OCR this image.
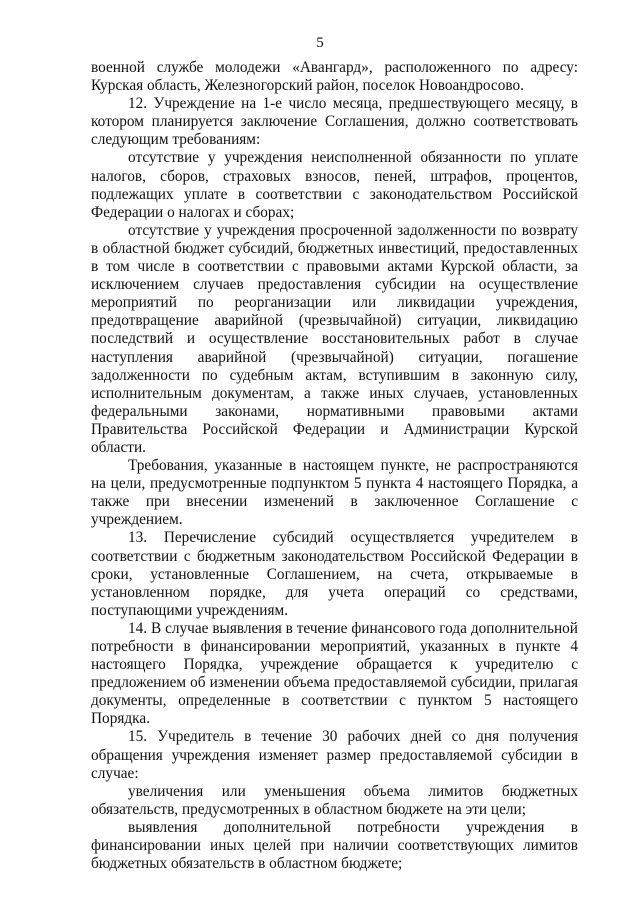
5

военной службе молодежи «Авангард», расположенного по адресу: Курская область, Железногорский район, поселок Новоандросово.

12. Учреждение на 1-е число месяца, предшествующего месяцу, в котором планируется заключение Соглашения, должно соответствовать следующим требованиям:

отсутствие у учреждения неисполненной обязанности по уплате налогов, сборов, страховых взносов, пеней, штрафов, процентов, подлежащих уплате в соответствии с законодательством Российской Федерации о налогах и сборах;

отсутствие у учреждения просроченной задолженности по возврату в областной бюджет субсидий, бюджетных инвестиций, предоставленных в том числе в соответствии с правовыми актами Курской области, за исключением случаев предоставления субсидии на осуществление мероприятий по реорганизации или ликвидации учреждения, предотвращение аварийной (чрезвычайной) ситуации, ликвидацию последствий и осуществление восстановительных работ в случае наступления аварийной (чрезвычайной) ситуации, погашение задолженности по судебным актам, вступившим в законную силу, исполнительным документам, а также иных случаев, установленных федеральными законами, нормативными правовыми актами Правительства Российской Федерации и Администрации Курской области.

Требования, указанные в настоящем пункте, не распространяются на цели, предусмотренные подпунктом 5 пункта 4 настоящего Порядка, а также при внесении изменений в заключенное Соглашение с учреждением.

13. Перечисление субсидий осуществляется учредителем в соответствии с бюджетным законодательством Российской Федерации в сроки, установленные Соглашением, на счета, открываемые в установленном порядке, для учета операций со средствами, поступающими учреждениям.

14. В случае выявления в течение финансового года дополнительной потребности в финансировании мероприятий, указанных в пункте 4 настоящего Порядка, учреждение обращается к учредителю с предложением об изменении объема предоставляемой субсидии, прилагая документы, определенные в соответствии с пунктом 5 настоящего Порядка.

15. Учредитель в течение 30 рабочих дней со дня получения обращения учреждения изменяет размер предоставляемой субсидии в случае:

увеличения или уменьшения объема лимитов бюджетных обязательств, предусмотренных в областном бюджете на эти цели;

выявления дополнительной потребности учреждения в финансировании иных целей при наличии соответствующих лимитов бюджетных обязательств в областном бюджете;
